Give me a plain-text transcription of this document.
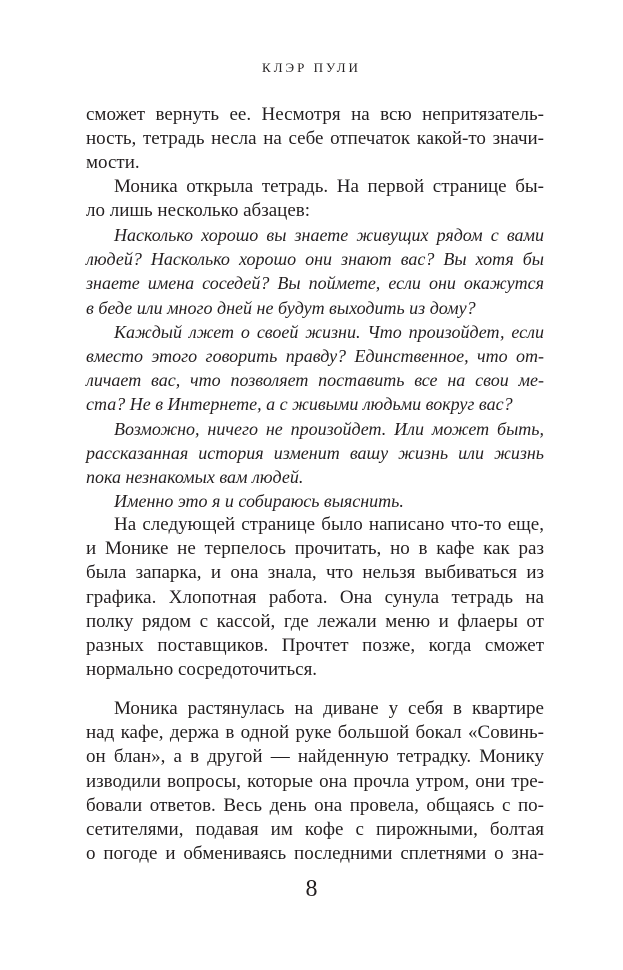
КЛЭР ПУЛИ
сможет вернуть ее. Несмотря на всю непритязатель-
ность, тетрадь несла на себе отпечаток какой-то значи-
мости.
Моника открыла тетрадь. На первой странице бы-
ло лишь несколько абзацев:
Насколько хорошо вы знаете живущих рядом с вами
людей? Насколько хорошо они знают вас? Вы хотя бы
знаете имена соседей? Вы поймете, если они окажутся
в беде или много дней не будут выходить из дому?
Каждый лжет о своей жизни. Что произойдет, если
вместо этого говорить правду? Единственное, что от-
личает вас, что позволяет поставить все на свои ме-
ста? Не в Интернете, а с живыми людьми вокруг вас?
Возможно, ничего не произойдет. Или может быть,
рассказанная история изменит вашу жизнь или жизнь
пока незнакомых вам людей.
Именно это я и собираюсь выяснить.
На следующей странице было написано что-то еще,
и Монике не терпелось прочитать, но в кафе как раз
была запарка, и она знала, что нельзя выбиваться из
графика. Хлопотная работа. Она сунула тетрадь на
полку рядом с кассой, где лежали меню и флаеры от
разных поставщиков. Прочтет позже, когда сможет
нормально сосредоточиться.
Моника растянулась на диване у себя в квартире
над кафе, держа в одной руке большой бокал «Совинь-
он блан», а в другой — найденную тетрадку. Монику
изводили вопросы, которые она прочла утром, они тре-
бовали ответов. Весь день она провела, общаясь с по-
сетителями, подавая им кофе с пирожными, болтая
о погоде и обмениваясь последними сплетнями о зна-
8
